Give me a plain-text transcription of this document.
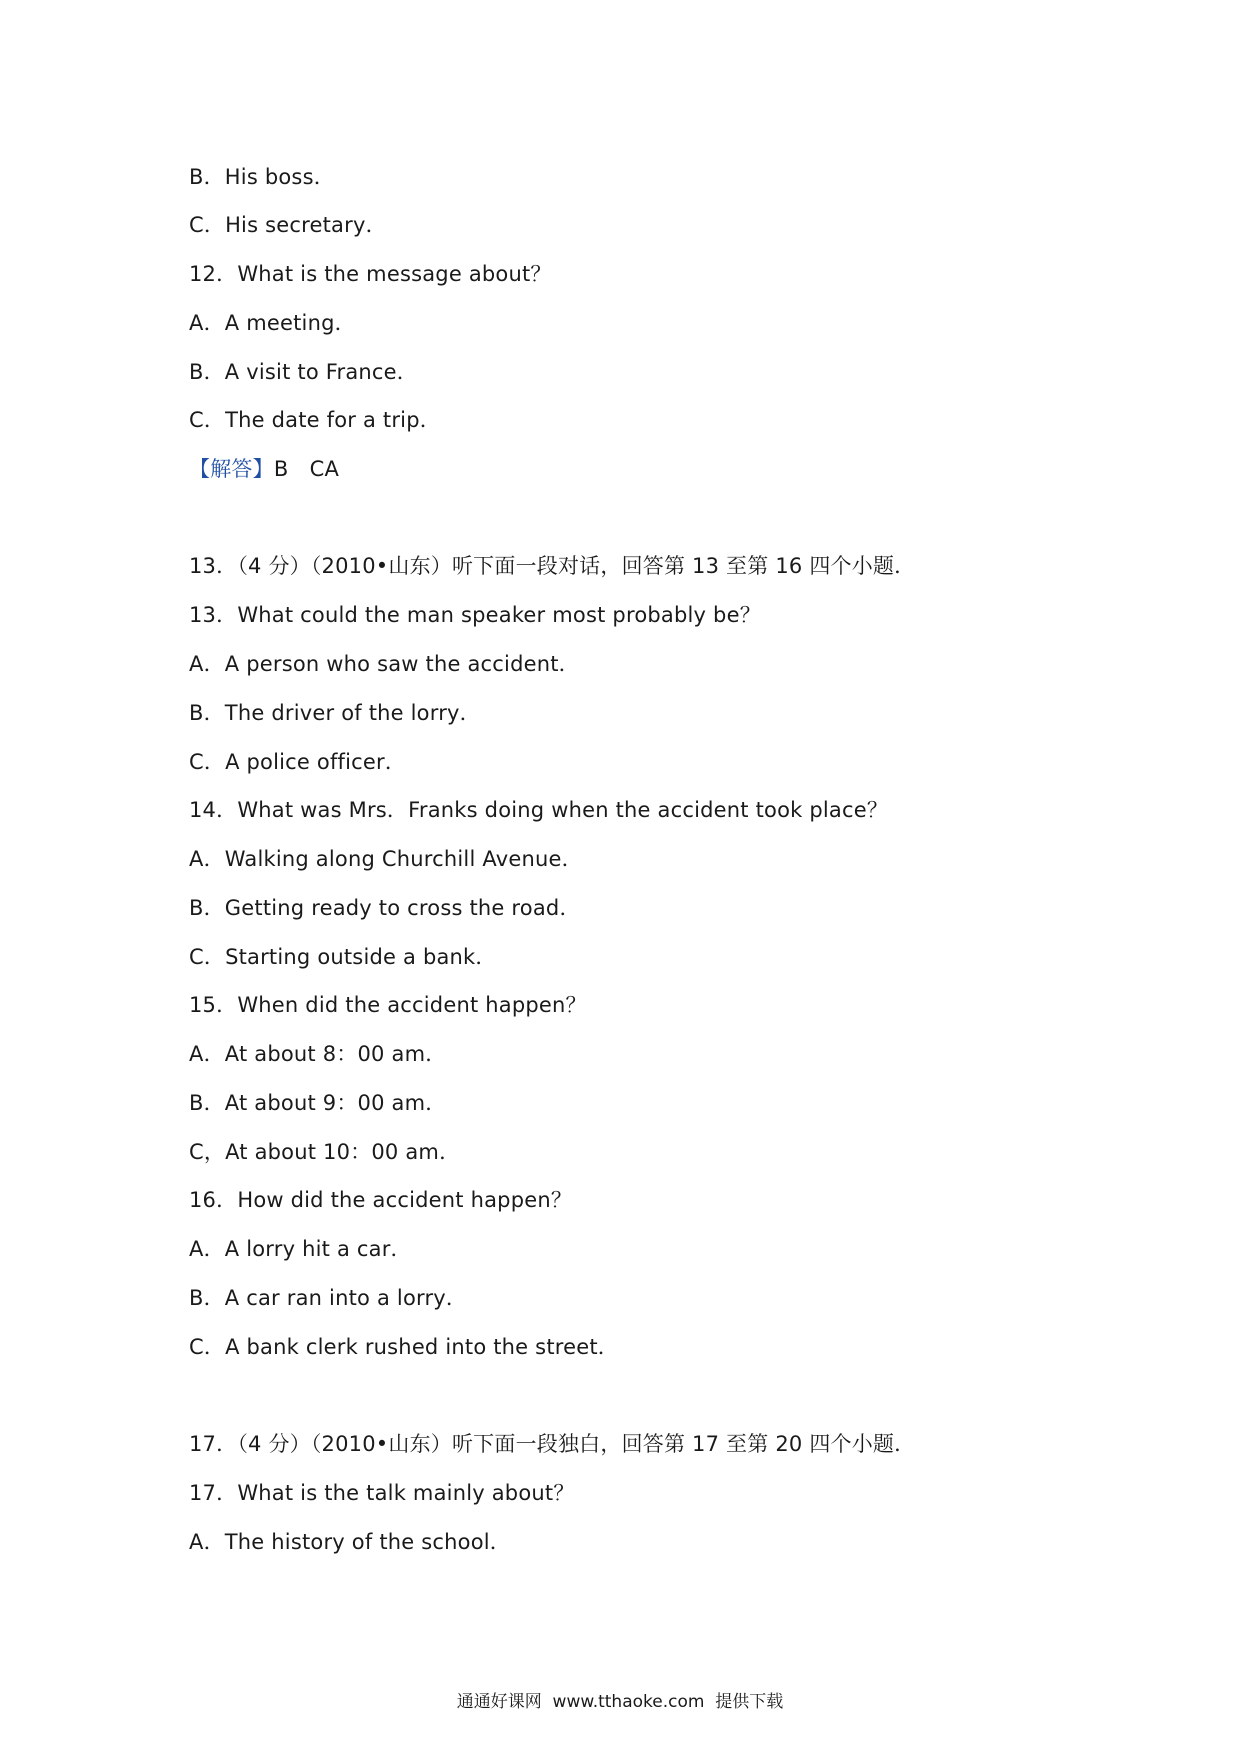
B．His boss．
C．His secretary．
12．What is the message about？
A．A meeting．
B．A visit to France．
C．The date for a trip．
【解答】B　CA
13．（4 分）（2010•山东）听下面一段对话，回答第 13 至第 16 四个小题．
13．What could the man speaker most probably be？
A．A person who saw the accident．
B．The driver of the lorry．
C．A police officer．
14．What was Mrs．Franks doing when the accident took place？
A．Walking along Churchill Avenue．
B．Getting ready to cross the road．
C．Starting outside a bank．
15．When did the accident happen？
A．At about 8：00 am．
B．At about 9：00 am．
C，At about 10：00 am．
16．How did the accident happen？
A．A lorry hit a car．
B．A car ran into a lorry．
C．A bank clerk rushed into the street．
17．（4 分）（2010•山东）听下面一段独白，回答第 17 至第 20 四个小题．
17．What is the talk mainly about？
A．The history of the school．
通通好课网  www.tthaoke.com  提供下载
